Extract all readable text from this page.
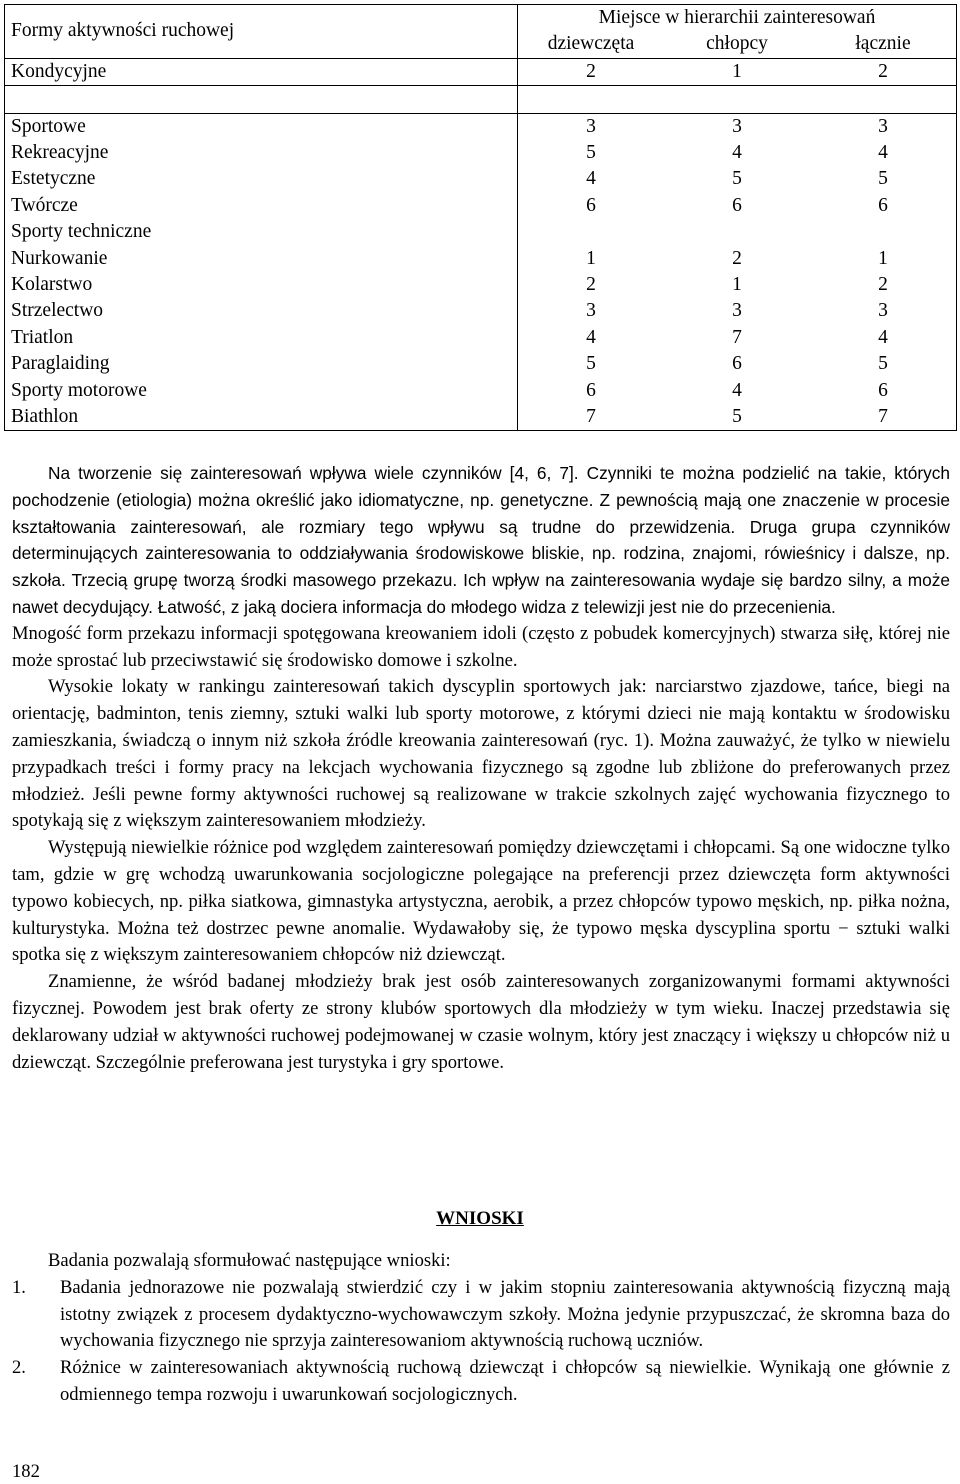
Formy aktywności ruchowej	Miejsce w hierarchii zainteresowań		
	dziewczęta	chłopcy	łącznie
Kondycyjne	2	1	2

Sportowe	3	3	3
Rekreacyjne	5	4	4
Estetyczne	4	5	5
Twórcze	6	6	6
Sporty techniczne			
Nurkowanie	1	2	1
Kolarstwo	2	1	2
Strzelectwo	3	3	3
Triatlon	4	7	4
Paraglaiding	5	6	5
Sporty motorowe	6	4	6
Biathlon	7	5	7

Na tworzenie się zainteresowań wpływa wiele czynników [4, 6, 7]. Czynniki te można podzielić na takie, których pochodzenie (etiologia) można określić jako idiomatyczne, np. genetyczne. Z pewnością mają one znaczenie w procesie kształtowania zainteresowań, ale rozmiary tego wpływu są trudne do przewidzenia. Druga grupa czynników determinujących zainteresowania to oddziaływania środowiskowe bliskie, np. rodzina, znajomi, rówieśnicy i dalsze, np. szkoła. Trzecią grupę tworzą środki masowego przekazu. Ich wpływ na zainteresowania wydaje się bardzo silny, a może nawet decydujący. Łatwość, z jaką dociera informacja do młodego widza z telewizji jest nie do przecenienia.

Mnogość form przekazu informacji spotęgowana kreowaniem idoli (często z pobudek komercyjnych) stwarza siłę, której nie może sprostać lub przeciwstawić się środowisko domowe i szkolne.

Wysokie lokaty w rankingu zainteresowań takich dyscyplin sportowych jak: narciarstwo zjazdowe, tańce, biegi na orientację, badminton, tenis ziemny, sztuki walki lub sporty motorowe, z którymi dzieci nie mają kontaktu w środowisku zamieszkania, świadczą o innym niż szkoła źródle kreowania zainteresowań (ryc. 1). Można zauważyć, że tylko w niewielu przypadkach treści i formy pracy na lekcjach wychowania fizycznego są zgodne lub zbliżone do preferowanych przez młodzież. Jeśli pewne formy aktywności ruchowej są realizowane w trakcie szkolnych zajęć wychowania fizycznego to spotykają się z większym zainteresowaniem młodzieży.

Występują niewielkie różnice pod względem zainteresowań pomiędzy dziewczętami i chłopcami. Są one widoczne tylko tam, gdzie w grę wchodzą uwarunkowania socjologiczne polegające na preferencji przez dziewczęta form aktywności typowo kobiecych, np. piłka siatkowa, gimnastyka artystyczna, aerobik, a przez chłopców typowo męskich, np. piłka nożna, kulturystyka. Można też dostrzec pewne anomalie. Wydawałoby się, że typowo męska dyscyplina sportu − sztuki walki spotka się z większym zainteresowaniem chłopców niż dziewcząt.

Znamienne, że wśród badanej młodzieży brak jest osób zainteresowanych zorganizowanymi formami aktywności fizycznej. Powodem jest brak oferty ze strony klubów sportowych dla młodzieży w tym wieku. Inaczej przedstawia się deklarowany udział w aktywności ruchowej podejmowanej w czasie wolnym, który jest znaczący i większy u chłopców niż u dziewcząt. Szczególnie preferowana jest turystyka i gry sportowe.

WNIOSKI
Badania pozwalają sformułować następujące wnioski:
1.	Badania jednorazowe nie pozwalają stwierdzić czy i w jakim stopniu zainteresowania aktywnością fizyczną mają istotny związek z procesem dydaktyczno-wychowawczym szkoły. Można jedynie przypuszczać, że skromna baza do wychowania fizycznego nie sprzyja zainteresowaniom aktywnością ruchową uczniów.
2.	Różnice w zainteresowaniach aktywnością ruchową dziewcząt i chłopców są niewielkie. Wynikają one głównie z odmiennego tempa rozwoju i uwarunkowań socjologicznych.
182
